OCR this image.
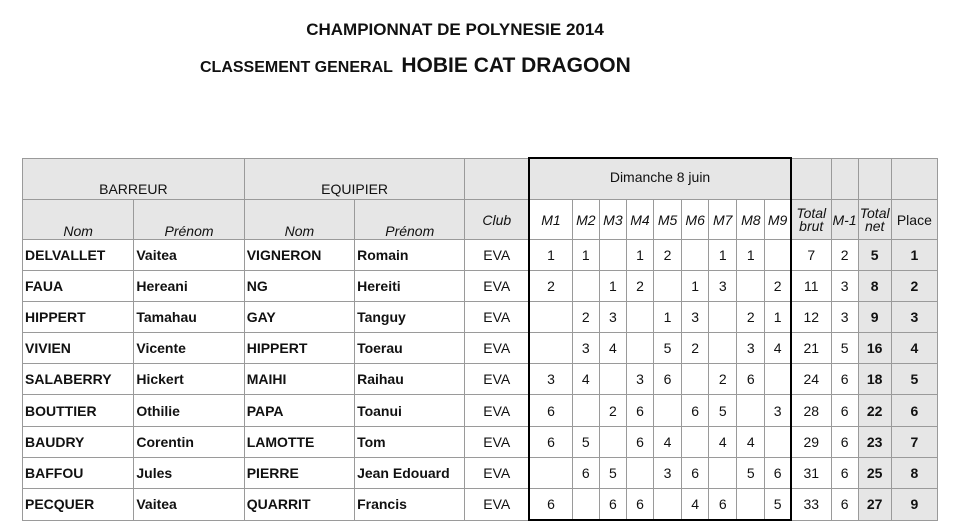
CHAMPIONNAT DE POLYNESIE 2014
CLASSEMENT GENERAL HOBIE CAT DRAGOON
BARREUR		EQUIPIER			Dimanche 8 juin												
Nom	Prénom	Nom	Prénom	Club	M1	M2	M3	M4	M5	M6	M7	M8	M9	Total brut	M-1	Total net	Place
DELVALLET	Vaitea	VIGNERON	Romain	EVA	1	1		1	2		1	1		7	2	5	1
FAUA	Hereani	NG	Hereiti	EVA	2		1	2		1	3		2	11	3	8	2
HIPPERT	Tamahau	GAY	Tanguy	EVA		2	3		1	3		2	1	12	3	9	3
VIVIEN	Vicente	HIPPERT	Toerau	EVA		3	4		5	2		3	4	21	5	16	4
SALABERRY	Hickert	MAIHI	Raihau	EVA	3	4		3	6		2	6		24	6	18	5
BOUTTIER	Othilie	PAPA	Toanui	EVA	6		2	6		6	5		3	28	6	22	6
BAUDRY	Corentin	LAMOTTE	Tom	EVA	6	5		6	4		4	4		29	6	23	7
BAFFOU	Jules	PIERRE	Jean Edouard	EVA		6	5		3	6		5	6	31	6	25	8
PECQUER	Vaitea	QUARRIT	Francis	EVA	6		6	6		4	6		5	33	6	27	9
